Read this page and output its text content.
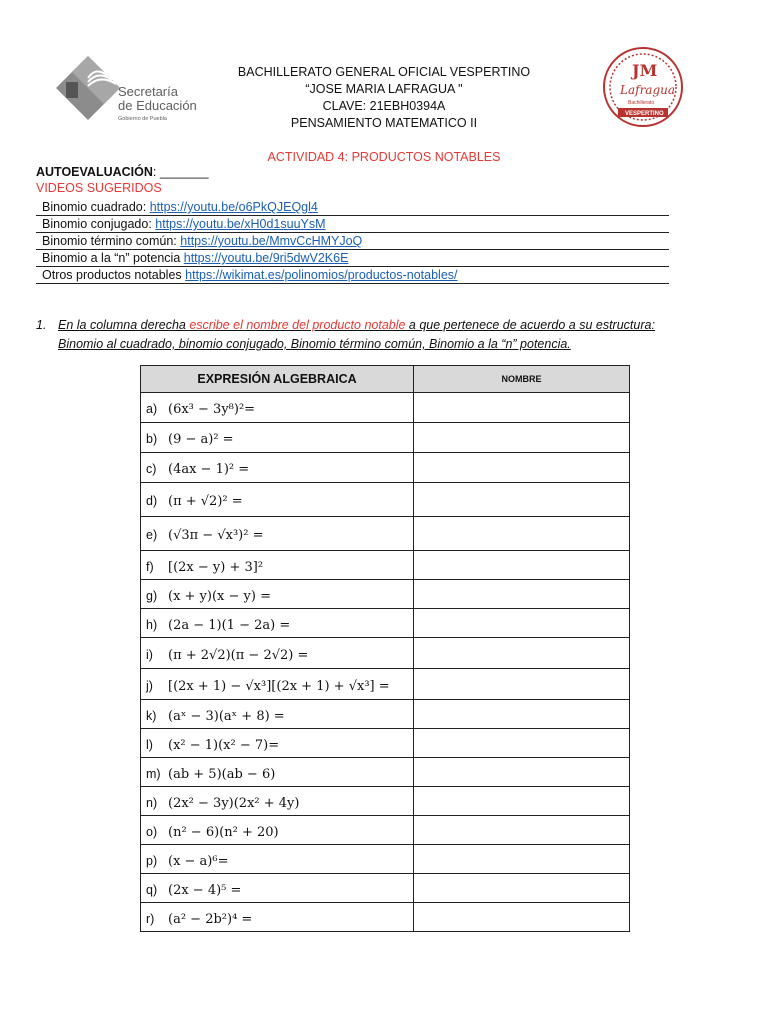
Secretaría
de Educación
Gobierno de Puebla
BACHILLERATO GENERAL OFICIAL VESPERTINO
“JOSE MARIA LAFRAGUA "
CLAVE: 21EBH0394A
PENSAMIENTO MATEMATICO II
JM
Lafragua
Bachillerato
VESPERTINO
ACTIVIDAD 4: PRODUCTOS NOTABLES
AUTOEVALUACIÓN: _______
VIDEOS SUGERIDOS
Binomio cuadrado: https://youtu.be/o6PkQJEQgl4
Binomio conjugado: https://youtu.be/xH0d1suuYsM
Binomio término común: https://youtu.be/MmvCcHMYJoQ
Binomio a la “n” potencia https://youtu.be/9ri5dwV2K6E
Otros productos notables https://wikimat.es/polinomios/productos-notables/
1. En la columna derecha escribe el nombre del producto notable a que pertenece de acuerdo a su estructura:
Binomio al cuadrado, binomio conjugado, Binomio término común, Binomio a la “n” potencia.
EXPRESIÓN ALGEBRAICA	NOMBRE
a) (6x³ − 3y⁸)²=	
b) (9 − a)² =	
c) (4ax − 1)² =	
d) (π + √2)² =	
e) (√3π − √x³)² =	
f) [(2x − y) + 3]²	
g) (x + y)(x − y) =	
h) (2a − 1)(1 − 2a) =	
i) (π + 2√2)(π − 2√2) =	
j) [(2x + 1) − √x³][(2x + 1) + √x³] =	
k) (aˣ − 3)(aˣ + 8) =	
l) (x² − 1)(x² − 7)=	
m) (ab + 5)(ab − 6)	
n) (2x² − 3y)(2x² + 4y)	
o) (n² − 6)(n² + 20)	
p) (x − a)⁶=	
q) (2x − 4)⁵ =	
r) (a² − 2b²)⁴ =	
